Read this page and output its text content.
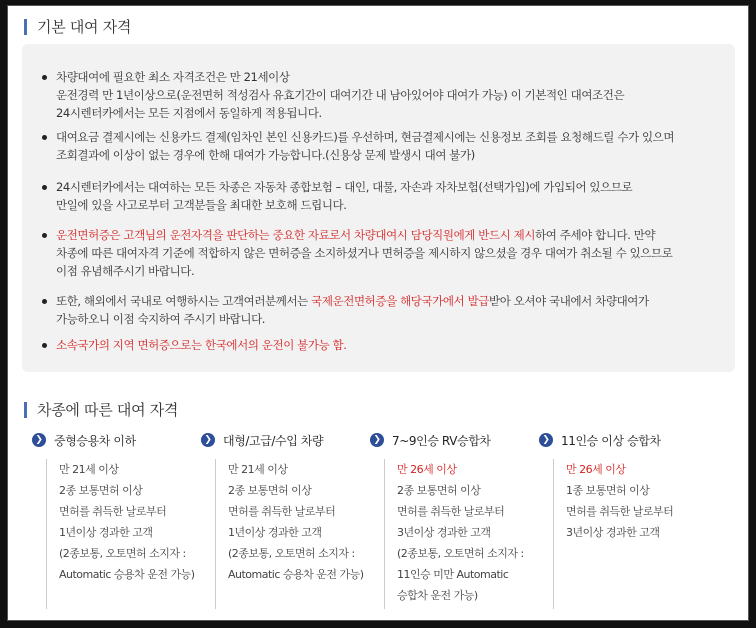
기본 대여 자격
차량대여에 필요한 최소 자격조건은 만 21세이상
운전경력 만 1년이상으로(운전면허 적성검사 유효기간이 대여기간 내 남아있어야 대여가 가능) 이 기본적인 대여조건은
24시렌터카에서는 모든 지점에서 동일하게 적용됩니다.
대여요금 결제시에는 신용카드 결제(임차인 본인 신용카드)를 우선하며, 현금결제시에는 신용정보 조회를 요청해드릴 수가 있으며
조회결과에 이상이 없는 경우에 한해 대여가 가능합니다.(신용상 문제 발생시 대여 불가)
24시렌터카에서는 대여하는 모든 차종은 자동차 종합보험 – 대인, 대물, 자손과 자차보험(선택가입)에 가입되어 있으므로
만일에 있을 사고로부터 고객분들을 최대한 보호해 드립니다.
운전면허증은 고객님의 운전자격을 판단하는 중요한 자료로서 차량대여시 담당직원에게 반드시 제시하여 주세야 합니다. 만약
차종에 따른 대여자격 기준에 적합하지 않은 면허증을 소지하셨거나 면허증을 제시하지 않으셨을 경우 대여가 취소될 수 있으므로
이점 유념해주시기 바랍니다.
또한, 해외에서 국내로 여행하시는 고객여러분께서는 국제운전면허증을 해당국가에서 발급받아 오셔야 국내에서 차량대여가
가능하오니 이점 숙지하여 주시기 바랍니다.
소속국가의 지역 면허증으로는 한국에서의 운전이 불가능 함.
차종에 따른 대여 자격
❯ 중형승용차 이하
만 21세 이상
2종 보통면허 이상
면허를 취득한 날로부터
1년이상 경과한 고객
(2종보통, 오토면허 소지자 :
Automatic 승용차 운전 가능)
❯ 대형/고급/수입 차량
만 21세 이상
2종 보통면허 이상
면허를 취득한 날로부터
1년이상 경과한 고객
(2종보통, 오토면허 소지자 :
Automatic 승용차 운전 가능)
❯ 7~9인승 RV승합차
만 26세 이상
2종 보통면허 이상
면허를 취득한 날로부터
3년이상 경과한 고객
(2종보통, 오토면허 소지자 :
11인승 미만 Automatic
승합차 운전 가능)
❯ 11인승 이상 승합차
만 26세 이상
1종 보통면허 이상
면허를 취득한 날로부터
3년이상 경과한 고객
